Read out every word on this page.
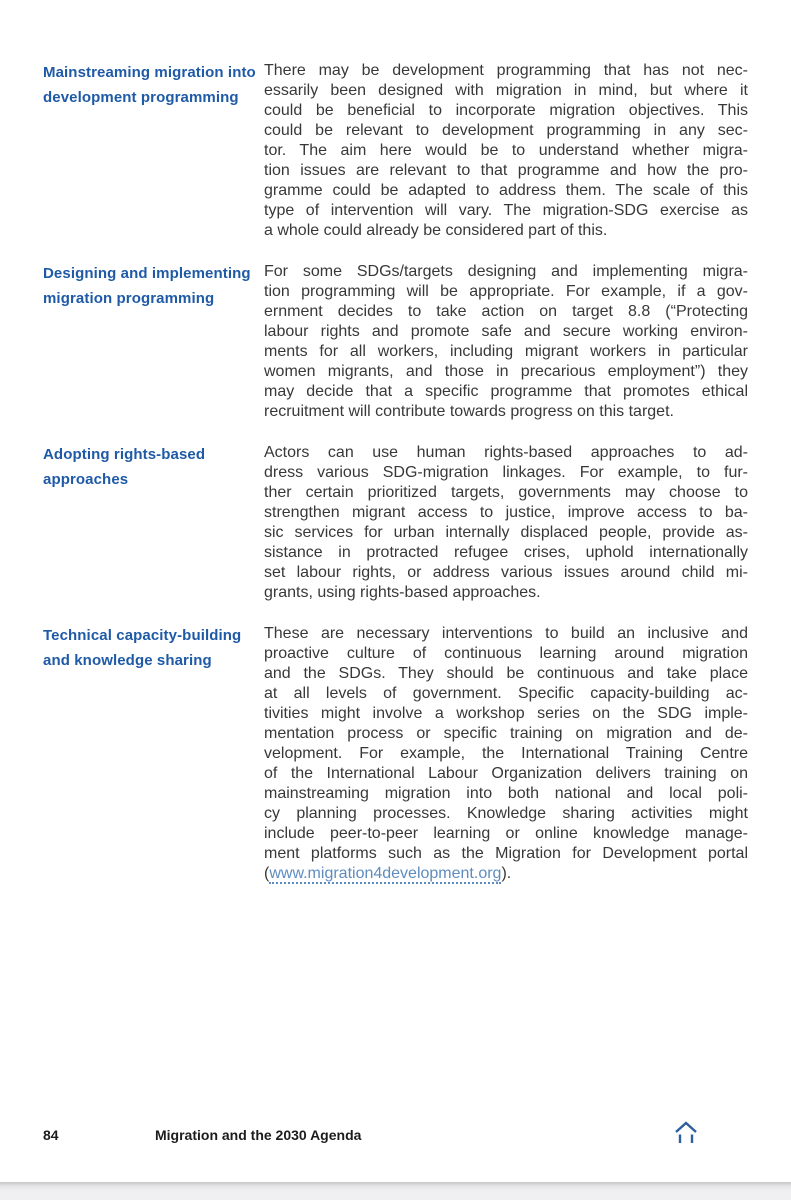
Mainstreaming migration into
development programming
There may be development programming that has not nec-
essarily been designed with migration in mind, but where it
could be beneficial to incorporate migration objectives. This
could be relevant to development programming in any sec-
tor. The aim here would be to understand whether migra-
tion issues are relevant to that programme and how the pro-
gramme could be adapted to address them. The scale of this
type of intervention will vary. The migration-SDG exercise as
a whole could already be considered part of this.
Designing and implementing
migration programming
For some SDGs/targets designing and implementing migra-
tion programming will be appropriate. For example, if a gov-
ernment decides to take action on target 8.8 (“Protecting
labour rights and promote safe and secure working environ-
ments for all workers, including migrant workers in particular
women migrants, and those in precarious employment”) they
may decide that a specific programme that promotes ethical
recruitment will contribute towards progress on this target.
Adopting rights-based
approaches
Actors can use human rights-based approaches to ad-
dress various SDG-migration linkages. For example, to fur-
ther certain prioritized targets, governments may choose to
strengthen migrant access to justice, improve access to ba-
sic services for urban internally displaced people, provide as-
sistance in protracted refugee crises, uphold internationally
set labour rights, or address various issues around child mi-
grants, using rights-based approaches.
Technical capacity-building
and knowledge sharing
These are necessary interventions to build an inclusive and
proactive culture of continuous learning around migration
and the SDGs. They should be continuous and take place
at all levels of government. Specific capacity-building ac-
tivities might involve a workshop series on the SDG imple-
mentation process or specific training on migration and de-
velopment. For example, the International Training Centre
of the International Labour Organization delivers training on
mainstreaming migration into both national and local poli-
cy planning processes. Knowledge sharing activities might
include peer-to-peer learning or online knowledge manage-
ment platforms such as the Migration for Development portal
(www.migration4development.org).
84	Migration and the 2030 Agenda
